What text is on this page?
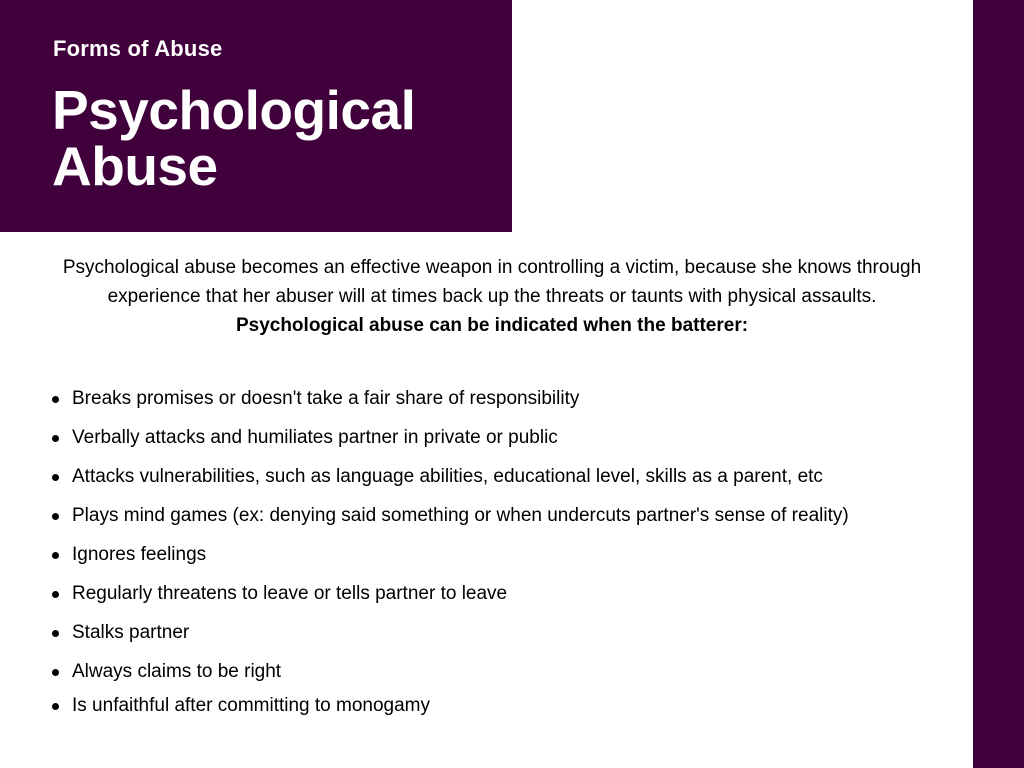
Forms of Abuse
Psychological Abuse

Psychological abuse becomes an effective weapon in controlling a victim, because she knows through experience that her abuser will at times back up the threats or taunts with physical assaults.

Psychological abuse can be indicated when the batterer:

Breaks promises or doesn't take a fair share of responsibility
Verbally attacks and humiliates partner in private or public
Attacks vulnerabilities, such as language abilities, educational level, skills as a parent, etc
Plays mind games (ex: denying said something or when undercuts partner's sense of reality)
Ignores feelings
Regularly threatens to leave or tells partner to leave
Stalks partner
Always claims to be right
Is unfaithful after committing to monogamy
